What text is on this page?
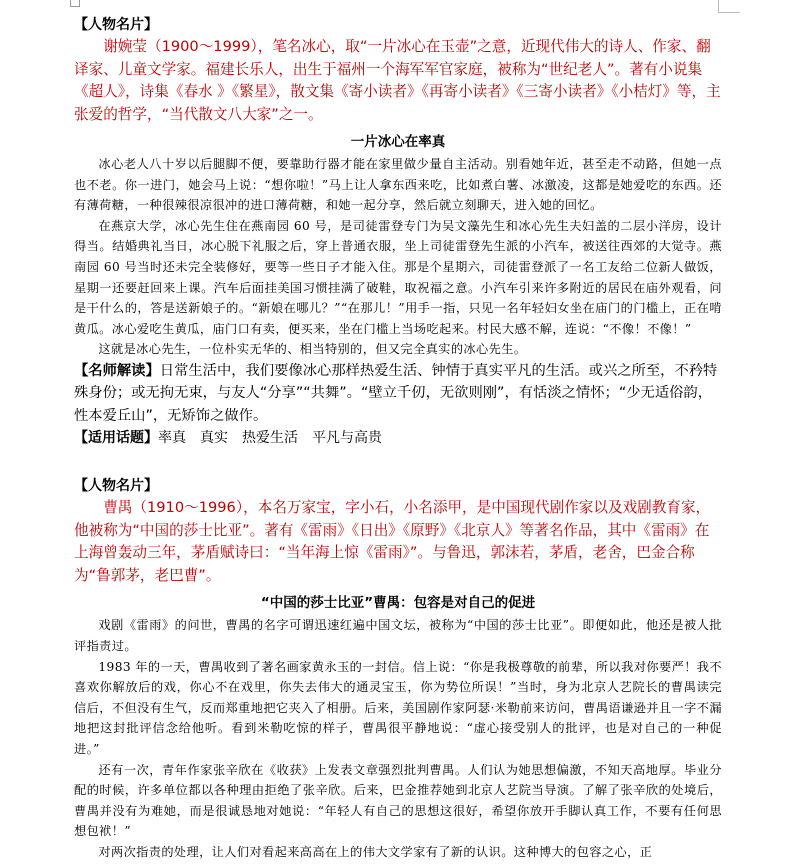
【人物名片】

谢婉莹（1900～1999），笔名冰心，取“一片冰心在玉壶”之意，近现代伟大的诗人、作家、翻译家、儿童文学家。福建长乐人，出生于福州一个海军军官家庭，被称为“世纪老人”。著有小说集《超人》，诗集《春水 》《繁星》，散文集《寄小读者》《再寄小读者》《三寄小读者》《小桔灯》等，主张爱的哲学，“当代散文八大家”之一。

一片冰心在率真

冰心老人八十岁以后腿脚不便，要靠助行器才能在家里做少量自主活动。别看她年近，甚至走不动路，但她一点也不老。你一进门，她会马上说：“想你啦！”马上让人拿东西来吃，比如煮白薯、冰激凌，这都是她爱吃的东西。还有薄荷糖，一种很辣很凉很冲的进口薄荷糖，和她一起分享，然后就立刻聊天，进入她的回忆。

在燕京大学，冰心先生住在燕南园 60 号，是司徒雷登专门为吴文藻先生和冰心先生夫妇盖的二层小洋房，设计得当。结婚典礼当日，冰心脱下礼服之后，穿上普通衣服，坐上司徒雷登先生派的小汽车，被送往西郊的大觉寺。燕南园 60 号当时还未完全装修好，要等一些日子才能入住。那是个星期六，司徒雷登派了一名工友给二位新人做饭，星期一还要赶回来上课。汽车后面挂美国习惯挂满了破鞋，取祝福之意。小汽车引来许多附近的居民在庙外观看，问是干什么的，答是送新娘子的。“新娘在哪儿？”“在那儿！”用手一指，只见一名年轻妇女坐在庙门的门槛上，正在啃黄瓜。冰心爱吃生黄瓜，庙门口有卖，便买来，坐在门槛上当场吃起来。村民大感不解，连说：“不像！不像！”

这就是冰心先生，一位朴实无华的、相当特别的，但又完全真实的冰心先生。

【名师解读】日常生活中，我们要像冰心那样热爱生活、钟情于真实平凡的生活。或兴之所至，不矜特殊身份；或无拘无束，与友人“分享”“共舞”。“壁立千仞，无欲则刚”，有恬淡之情怀；“少无适俗韵，性本爱丘山”，无矫饰之做作。

【适用话题】率真 真实 热爱生活 平凡与高贵

【人物名片】

曹禺（1910～1996），本名万家宝，字小石，小名添甲，是中国现代剧作家以及戏剧教育家，他被称为“中国的莎士比亚”。著有《雷雨》《日出》《原野》《北京人》等著名作品，其中《雷雨》在上海曾轰动三年，茅盾赋诗曰：“当年海上惊《雷雨》”。与鲁迅，郭沫若，茅盾，老舍，巴金合称为“鲁郭茅，老巴曹”。

“中国的莎士比亚”曹禺：包容是对自己的促进

戏剧《雷雨》的问世，曹禺的名字可谓迅速红遍中国文坛，被称为“中国的莎士比亚”。即便如此，他还是被人批评指责过。

1983 年的一天，曹禺收到了著名画家黄永玉的一封信。信上说：“你是我极尊敬的前辈，所以我对你要严！我不喜欢你解放后的戏，你心不在戏里，你失去伟大的通灵宝玉，你为势位所误！”当时，身为北京人艺院长的曹禺读完信后，不但没有生气，反而郑重地把它夹入了相册。后来，美国剧作家阿瑟·米勒前来访问，曹禺语谦逊并且一字不漏地把这封批评信念给他听。看到米勒吃惊的样子，曹禺很平静地说：“虚心接受别人的批评，也是对自己的一种促进。”

还有一次，青年作家张辛欣在《收获》上发表文章强烈批判曹禺。人们认为她思想偏激，不知天高地厚。毕业分配的时候，许多单位都以各种理由拒绝了张辛欣。后来，巴金推荐她到北京人艺院当导演。了解了张辛欣的处境后，曹禺并没有为难她，而是很诚恳地对她说：“年轻人有自己的思想这很好，希望你放开手脚认真工作，不要有任何思想包袱！”

对两次指责的处理，让人们对看起来高高在上的伟大文学家有了新的认识。这种博大的包容之心，正
